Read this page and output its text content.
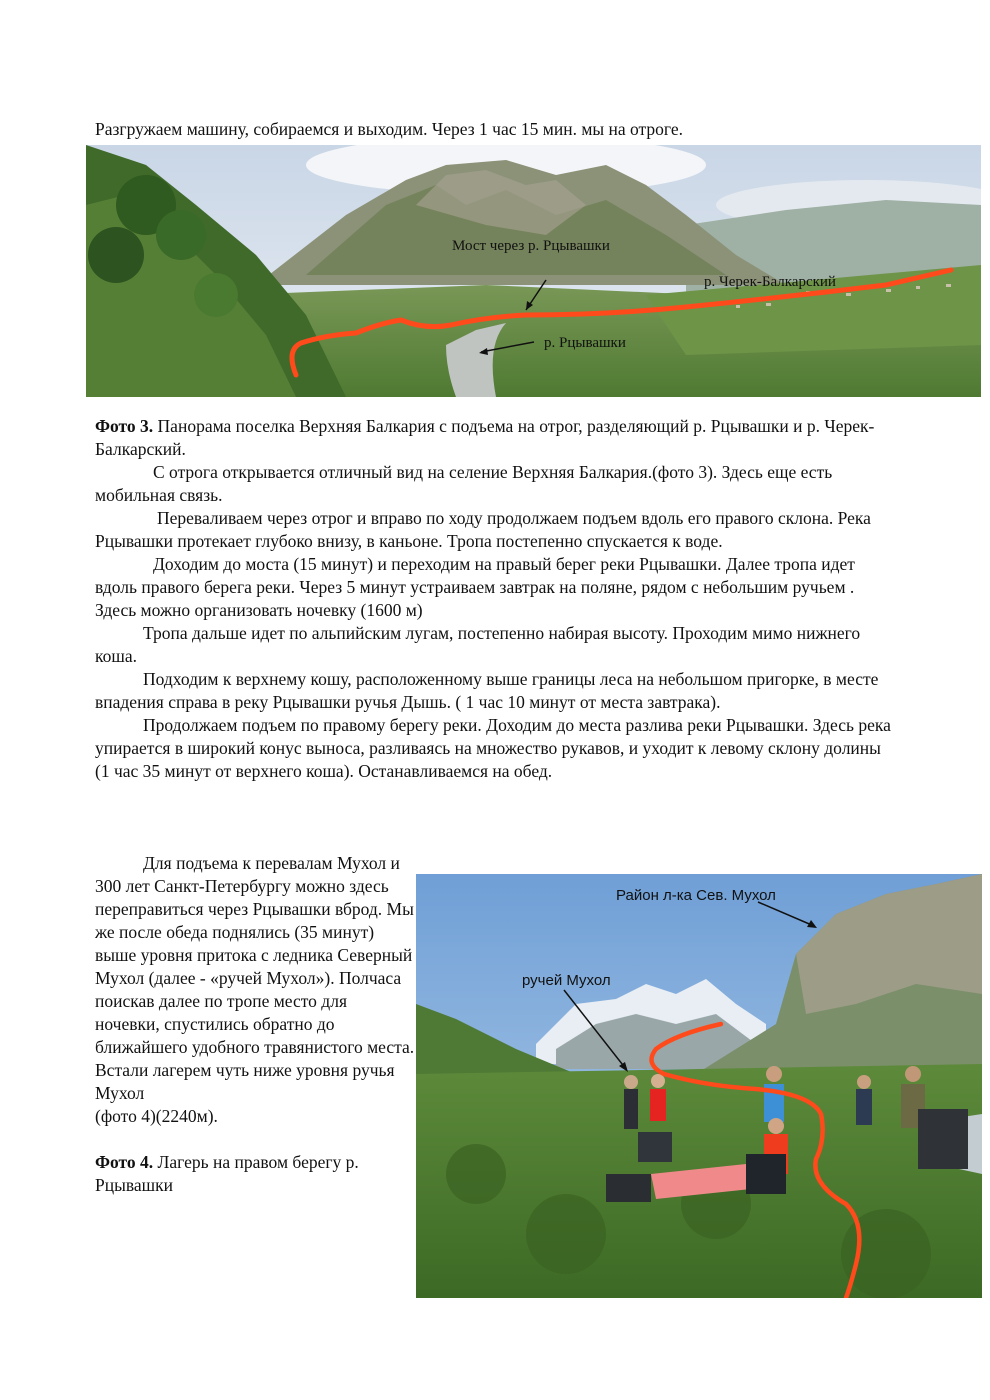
Разгружаем машину, собираемся и выходим. Через 1 час 15 мин. мы на отроге.
Мост через р. Рцывашки
р. Черек-Балкарский
р. Рцывашки

Фото 3. Панорама поселка Верхняя Балкария с подъема на отрог, разделяющий р. Рцывашки и р. Черек-Балкарский.

С отрога открывается отличный вид на селение Верхняя Балкария.(фото 3). Здесь еще есть мобильная связь.

Переваливаем через отрог и вправо по ходу продолжаем подъем вдоль его правого склона. Река Рцывашки протекает глубоко внизу, в каньоне. Тропа постепенно спускается к воде.

Доходим до моста (15 минут) и переходим на правый берег реки Рцывашки. Далее тропа идет вдоль правого берега реки. Через 5 минут устраиваем завтрак на поляне, рядом с небольшим ручьем . Здесь можно организовать ночевку (1600 м)

Тропа дальше идет по альпийским лугам, постепенно набирая высоту. Проходим мимо нижнего коша.

Подходим к верхнему кошу, расположенному выше границы леса на небольшом пригорке, в месте впадения справа в реку Рцывашки ручья Дышь. ( 1 час 10 минут от места завтрака).

Продолжаем подъем по правому берегу реки. Доходим до места разлива реки Рцывашки. Здесь река упирается в широкий конус выноса, разливаясь на множество рукавов, и уходит к левому склону долины (1 час 35 минут от верхнего коша). Останавливаемся на обед.

Для подъема к перевалам Мухол и 300 лет Санкт-Петербургу можно здесь переправиться через Рцывашки вброд. Мы же после обеда поднялись (35 минут) выше уровня притока с ледника Северный Мухол (далее - «ручей Мухол»). Полчаса поискав далее по тропе место для ночевки, спустились обратно до ближайшего удобного травянистого места.

Встали лагерем чуть ниже уровня ручья Мухол

(фото 4)(2240м).

Фото 4. Лагерь на правом берегу р. Рцывашки

Район л-ка Сев. Мухол
ручей Мухол
